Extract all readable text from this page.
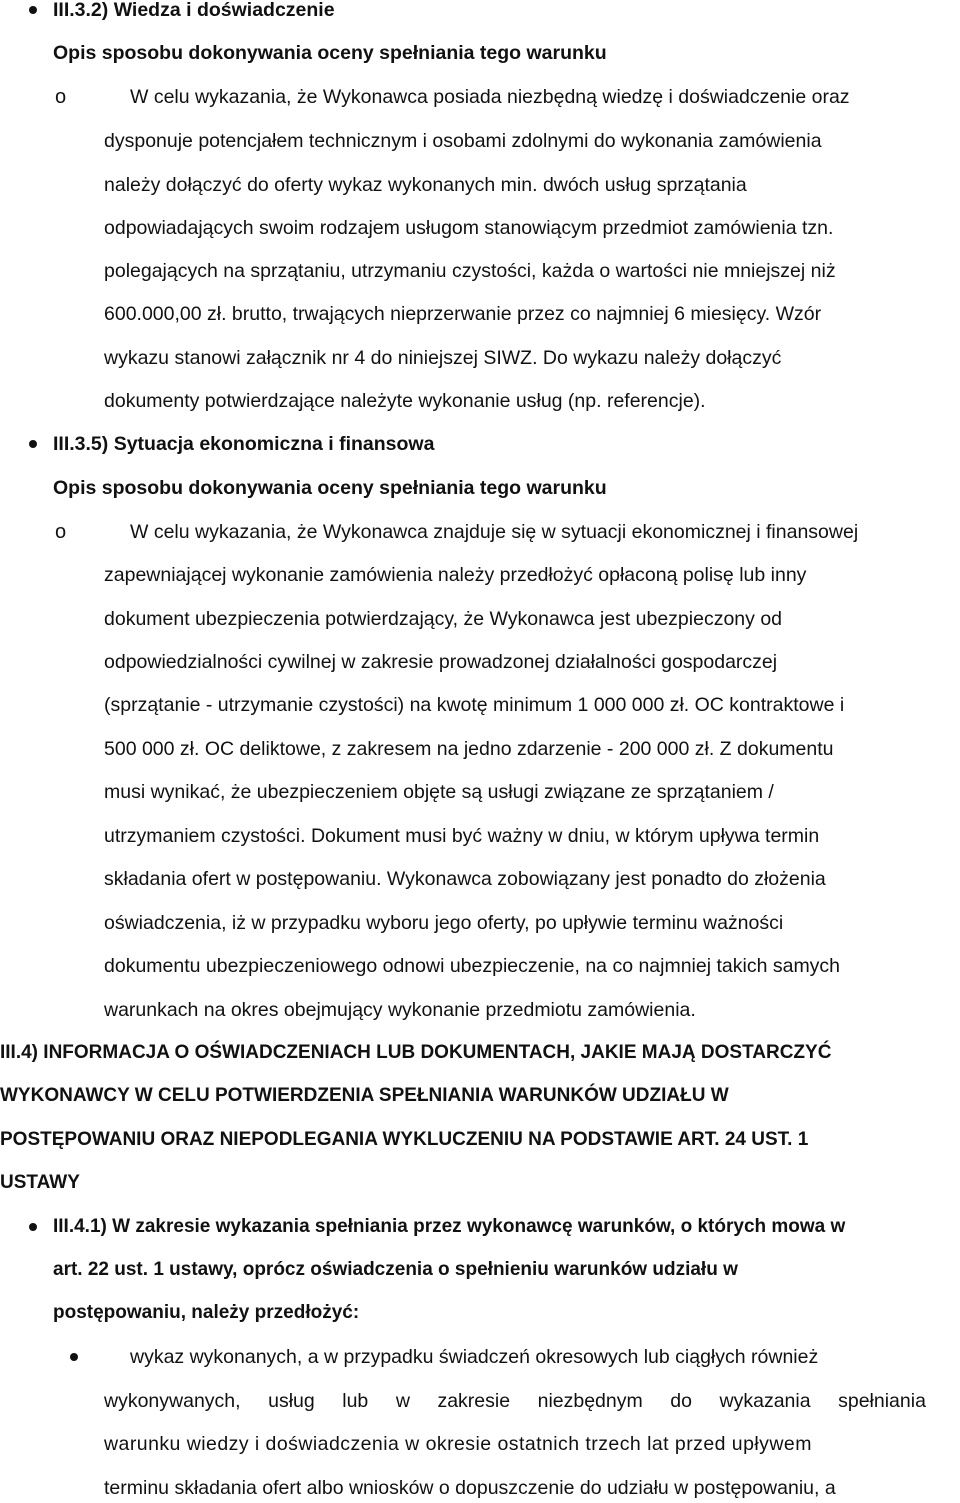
III.3.2) Wiedza i doświadczenie
Opis sposobu dokonywania oceny spełniania tego warunku
o	W celu wykazania, że Wykonawca posiada niezbędną wiedzę i doświadczenie oraz
dysponuje potencjałem technicznym i osobami zdolnymi do wykonania zamówienia
należy dołączyć do oferty wykaz wykonanych min. dwóch usług sprzątania
odpowiadających swoim rodzajem usługom stanowiącym przedmiot zamówienia tzn.
polegających na sprzątaniu, utrzymaniu czystości, każda o wartości nie mniejszej niż
600.000,00 zł. brutto, trwających nieprzerwanie przez co najmniej 6 miesięcy. Wzór
wykazu stanowi załącznik nr 4 do niniejszej SIWZ. Do wykazu należy dołączyć
dokumenty potwierdzające należyte wykonanie usług (np. referencje).
III.3.5) Sytuacja ekonomiczna i finansowa
Opis sposobu dokonywania oceny spełniania tego warunku
o	W celu wykazania, że Wykonawca znajduje się w sytuacji ekonomicznej i finansowej
zapewniającej wykonanie zamówienia należy przedłożyć opłaconą polisę lub inny
dokument ubezpieczenia potwierdzający, że Wykonawca jest ubezpieczony od
odpowiedzialności cywilnej w zakresie prowadzonej działalności gospodarczej
(sprzątanie - utrzymanie czystości) na kwotę minimum 1 000 000 zł. OC kontraktowe i
500 000 zł. OC deliktowe, z zakresem na jedno zdarzenie - 200 000 zł. Z dokumentu
musi wynikać, że ubezpieczeniem objęte są usługi związane ze sprzątaniem /
utrzymaniem czystości. Dokument musi być ważny w dniu, w którym upływa termin
składania ofert w postępowaniu. Wykonawca zobowiązany jest ponadto do złożenia
oświadczenia, iż w przypadku wyboru jego oferty, po upływie terminu ważności
dokumentu ubezpieczeniowego odnowi ubezpieczenie, na co najmniej takich samych
warunkach na okres obejmujący wykonanie przedmiotu zamówienia.
III.4) INFORMACJA O OŚWIADCZENIACH LUB DOKUMENTACH, JAKIE MAJĄ DOSTARCZYĆ
WYKONAWCY W CELU POTWIERDZENIA SPEŁNIANIA WARUNKÓW UDZIAŁU W
POSTĘPOWANIU ORAZ NIEPODLEGANIA WYKLUCZENIU NA PODSTAWIE ART. 24 UST. 1
USTAWY
III.4.1) W zakresie wykazania spełniania przez wykonawcę warunków, o których mowa w
art. 22 ust. 1 ustawy, oprócz oświadczenia o spełnieniu warunków udziału w
postępowaniu, należy przedłożyć:
wykaz wykonanych, a w przypadku świadczeń okresowych lub ciągłych również
wykonywanych, usług lub w zakresie niezbędnym do wykazania spełniania
warunku wiedzy i doświadczenia w okresie ostatnich trzech lat przed upływem
terminu składania ofert albo wniosków o dopuszczenie do udziału w postępowaniu, a
